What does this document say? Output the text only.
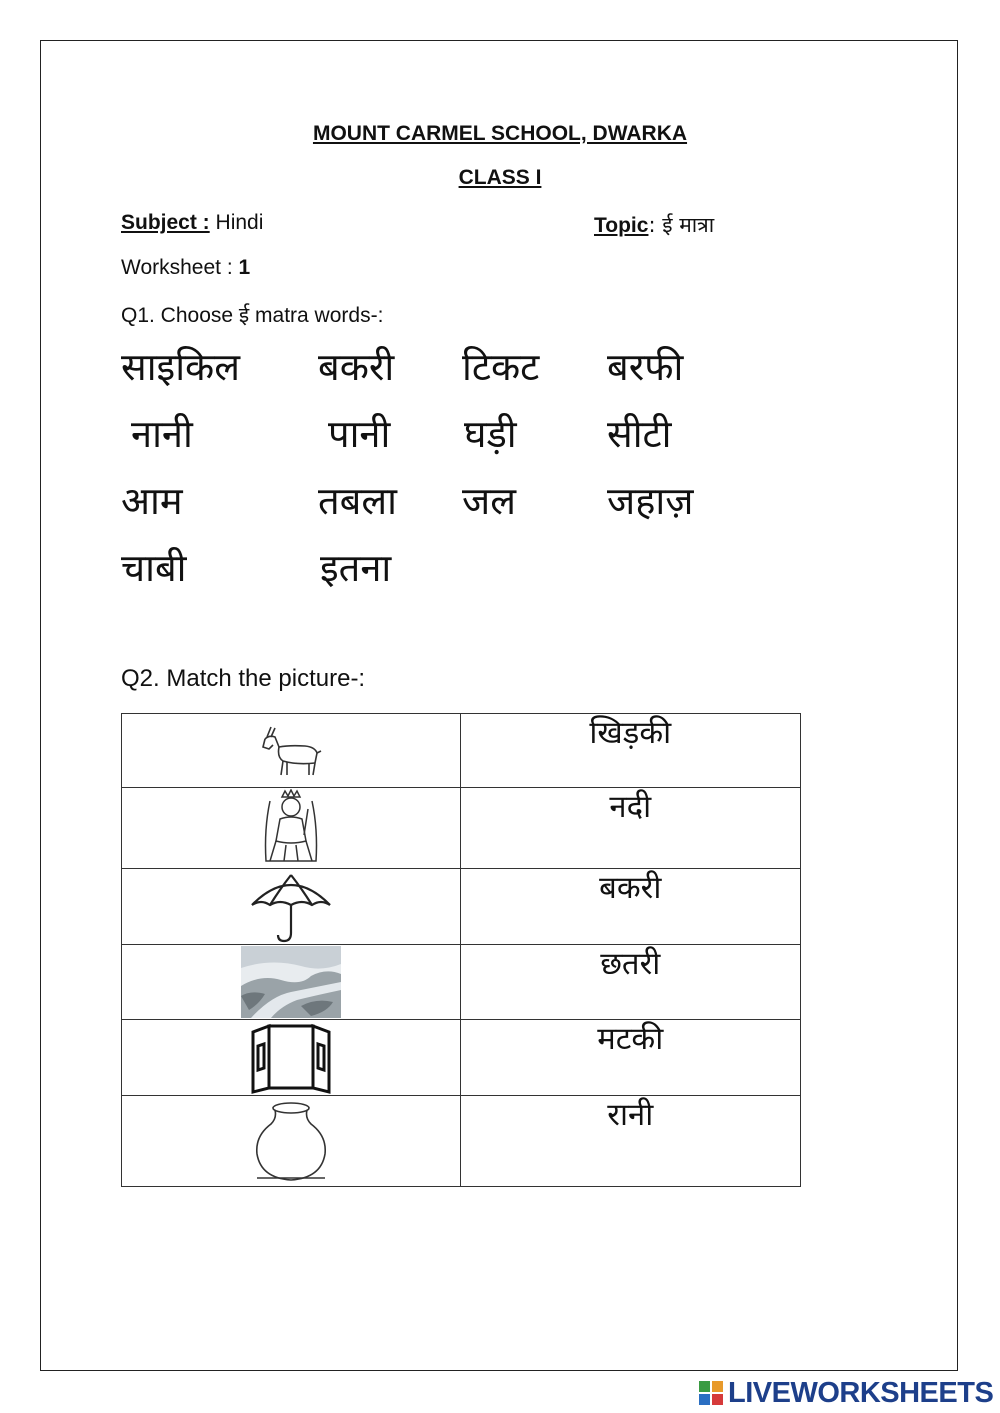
MOUNT CARMEL SCHOOL, DWARKA
CLASS I
Subject : Hindi	Topic: ई मात्रा
Worksheet : 1
Q1. Choose ई matra words-:
साइकिल बकरी टिकट बरफी
नानी	पानी घड़ी सीटी
आम	तबला जल जहाज़
चाबी	इतना
Q2. Match the picture-:
	खिड़की

	नदी

	बकरी

	छतरी

	मटकी

	रानी
LIVEWORKSHEETS
